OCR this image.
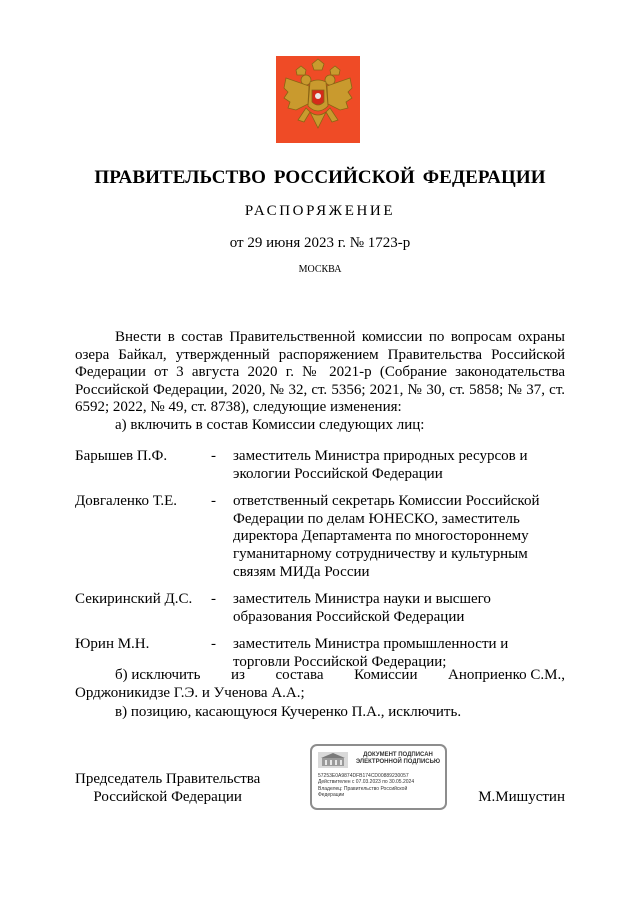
ПРАВИТЕЛЬСТВО РОССИЙСКОЙ ФЕДЕРАЦИИ
РАСПОРЯЖЕНИЕ
от 29 июня 2023 г. № 1723-р
МОСКВА

Внести в состав Правительственной комиссии по вопросам охраны озера Байкал, утвержденный распоряжением Правительства Российской Федерации от 3 августа 2020 г. № 2021-р (Собрание законодательства Российской Федерации, 2020, № 32, ст. 5356; 2021, № 30, ст. 5858; № 37, ст. 6592; 2022, № 49, ст. 8738), следующие изменения:

а) включить в состав Комиссии следующих лиц:

Барышев П.Ф.	-	заместитель Министра природных ресурсов и экологии Российской Федерации
Довгаленко Т.Е.	-	ответственный секретарь Комиссии Российской Федерации по делам ЮНЕСКО, заместитель директора Департамента по многостороннему гуманитарному сотрудничеству и культурным связям МИДа России
Секиринский Д.С.	-	заместитель Министра науки и высшего образования Российской Федерации
Юрин М.Н.	-	заместитель Министра промышленности и торговли Российской Федерации;
б) исключить из состава Комиссии Аноприенко С.М.,

Орджоникидзе Г.Э. и Ученова А.А.;

в) позицию, касающуюся Кучеренко П.А., исключить.

Председатель Правительства
Российской Федерации
ДОКУМЕНТ ПОДПИСАН
ЭЛЕКТРОННОЙ ПОДПИСЬЮ
57253E0A9874DFB174CD00889230057
Действителен с 07.03.2023 по 30.05.2024
Владелец: Правительство Российской
Федерации	М.Мишустин
